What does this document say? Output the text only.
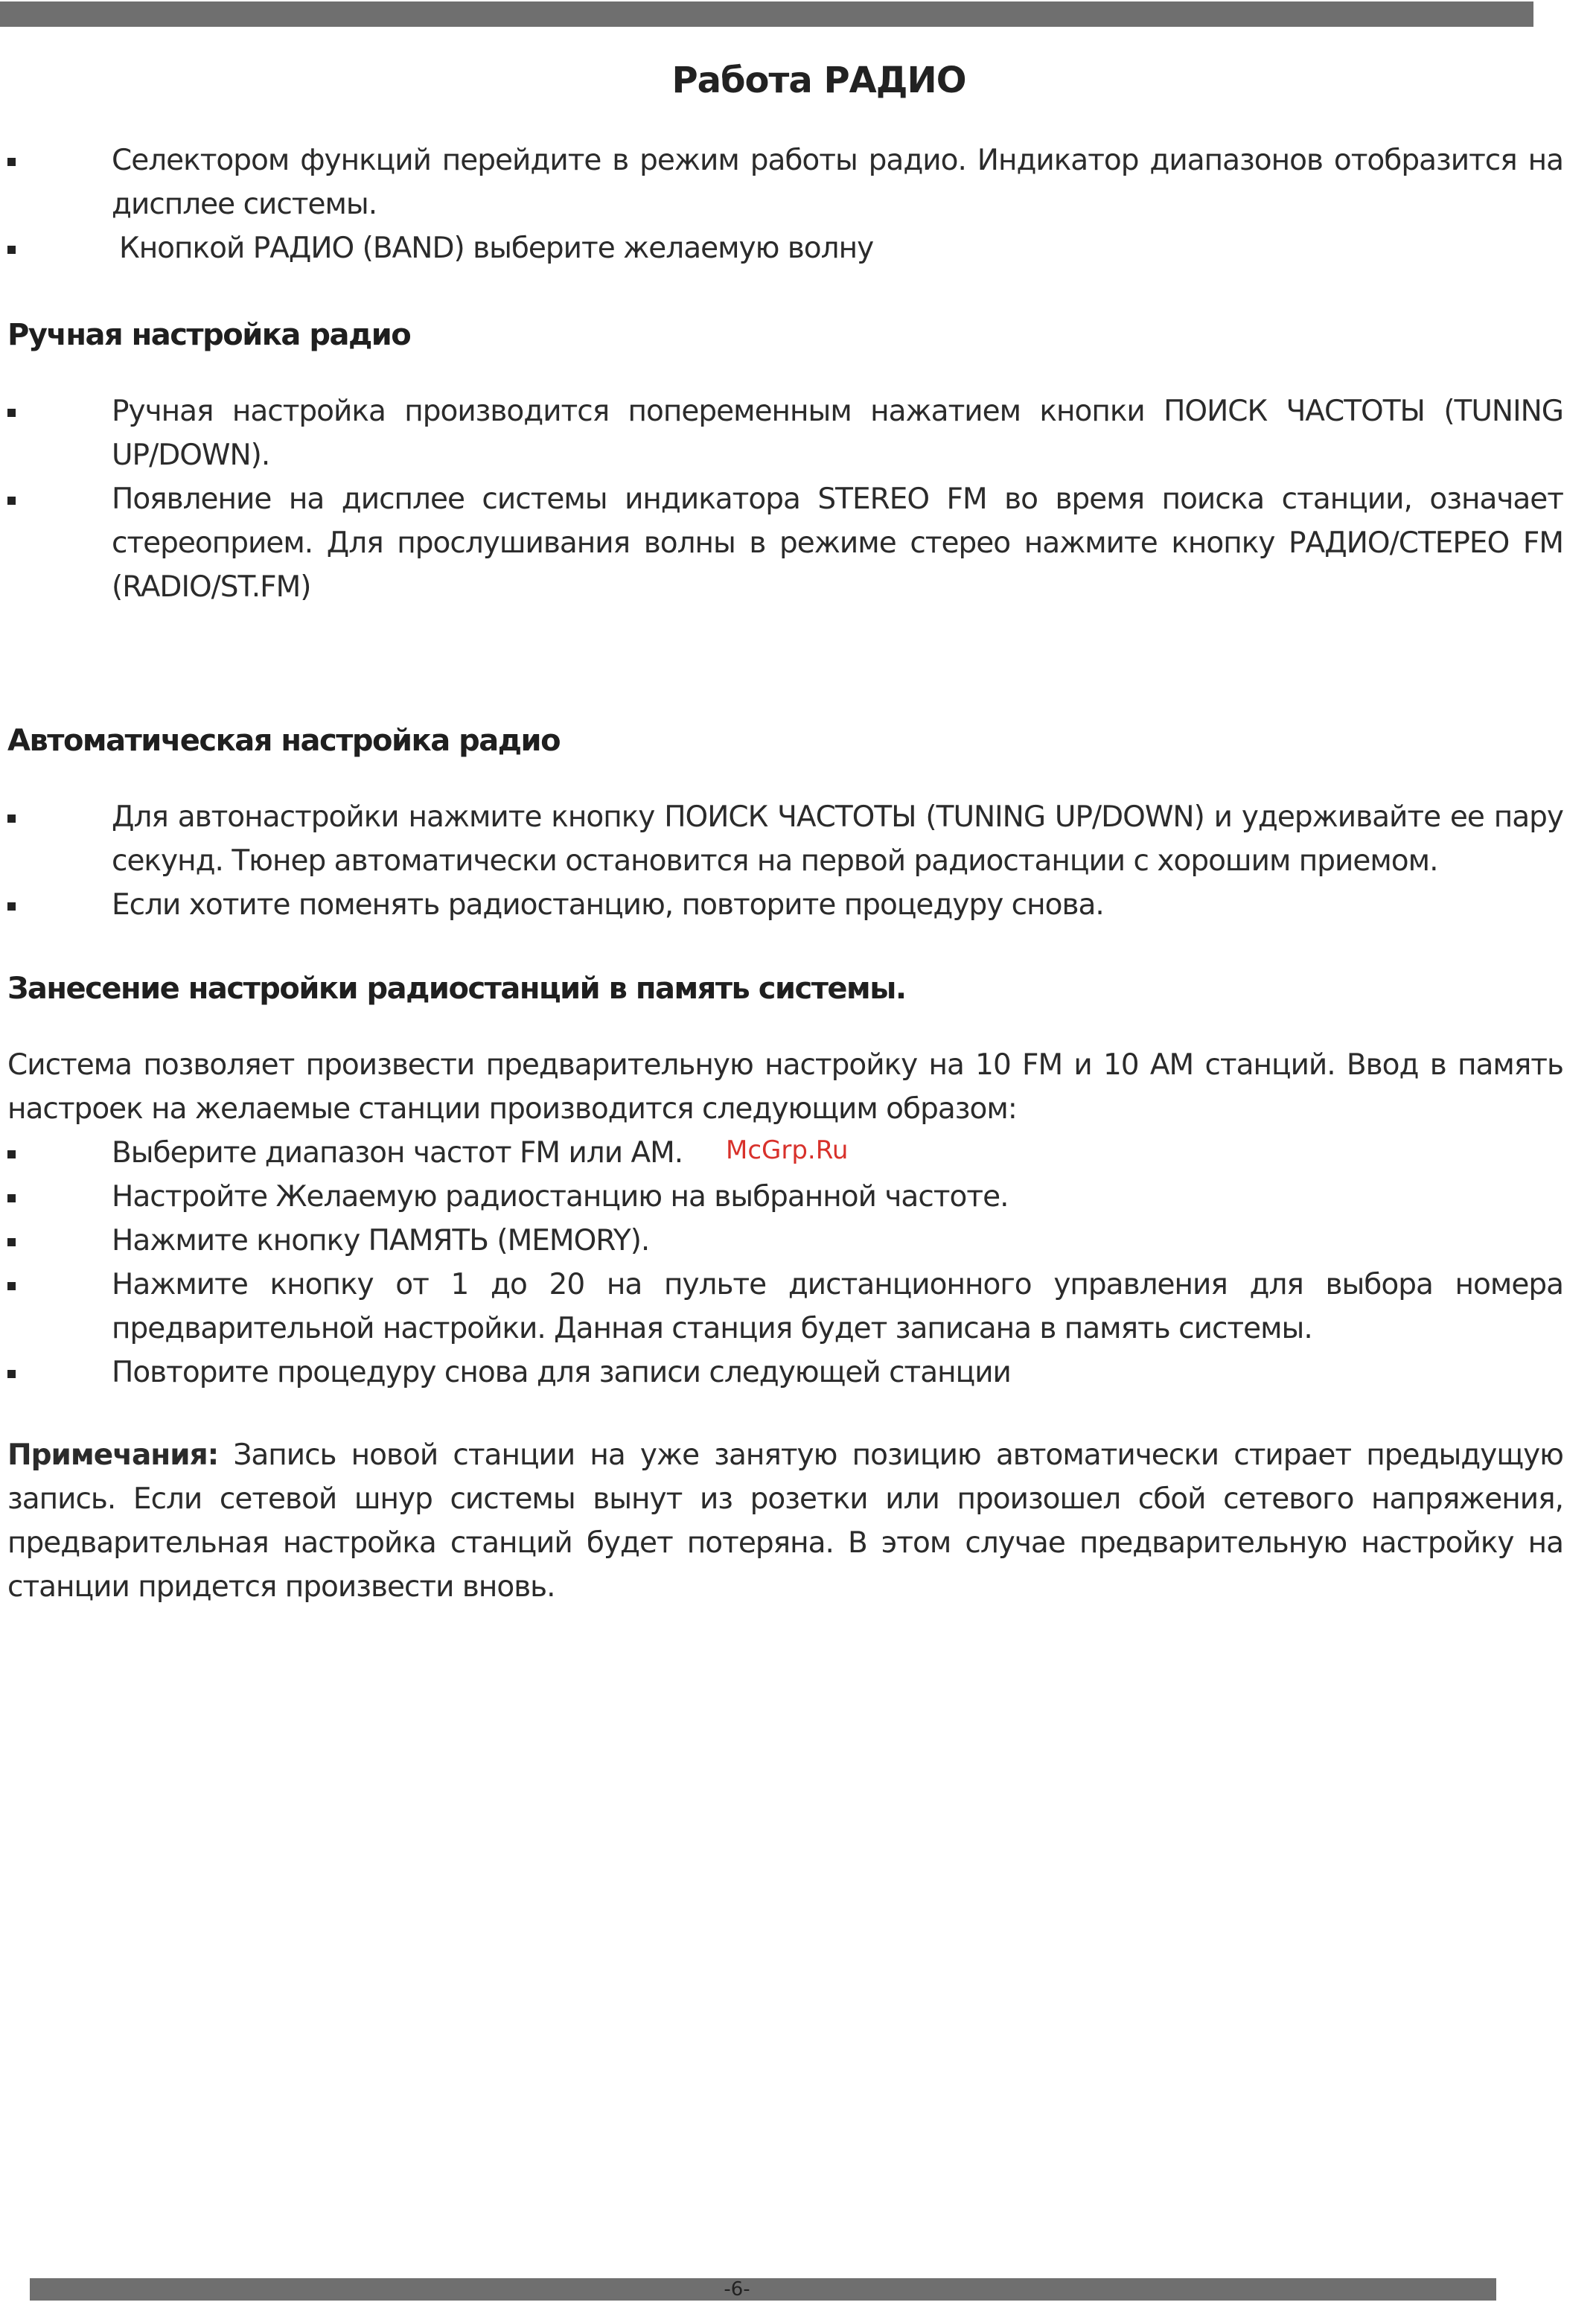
Работа РАДИО
Селектором функций перейдите в режим работы радио. Индикатор диапазонов отобразится на дисплее системы.
Кнопкой РАДИО (BAND) выберите желаемую волну
Ручная настройка радио
Ручная настройка производится попеременным нажатием кнопки ПОИСК ЧАСТОТЫ (TUNING UP/DOWN).
Появление на дисплее системы индикатора STEREO FM во время поиска станции, означает стереоприем. Для прослушивания волны в режиме стерео нажмите кнопку РАДИО/СТЕРЕО FM (RADIO/ST.FM)
Автоматическая настройка радио
Для автонастройки нажмите кнопку ПОИСК ЧАСТОТЫ (TUNING UP/DOWN) и удерживайте ее пару секунд. Тюнер автоматически остановится на первой радиостанции с хорошим приемом.
Если хотите поменять радиостанцию, повторите процедуру снова.
Занесение настройки радиостанций в память системы.

Система позволяет произвести предварительную настройку на 10 FM и 10 AM станций. Ввод в память настроек на желаемые станции производится следующим образом:

Выберите диапазон частот FM или AM.
Настройте Желаемую радиостанцию на выбранной частоте.
Нажмите кнопку ПАМЯТЬ (MEMORY).
Нажмите кнопку от 1 до 20 на пульте дистанционного управления для выбора номера предварительной настройки. Данная станция будет записана в память системы.
Повторите процедуру снова для записи следующей станции

Примечания: Запись новой станции на уже занятую позицию автоматически стирает предыдущую запись. Если сетевой шнур системы вынут из розетки или произошел сбой сетевого напряжения, предварительная настройка станций будет потеряна. В этом случае предварительную настройку на станции придется произвести вновь.

McGrp.Ru
-6-
